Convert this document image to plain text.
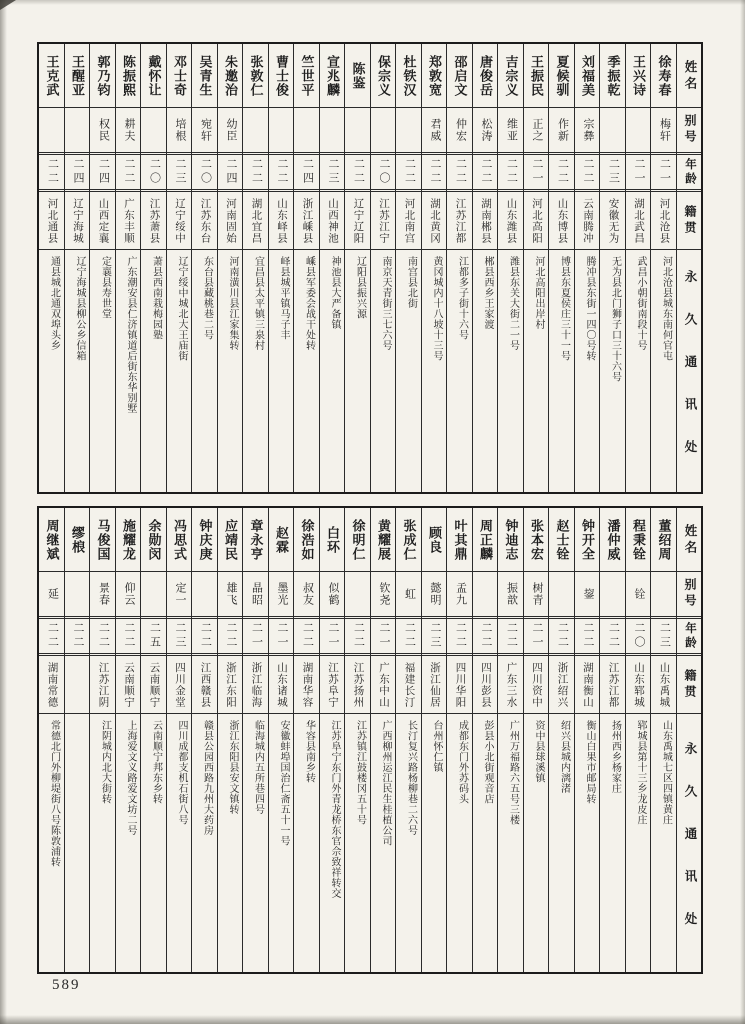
姓名
别号
年龄
籍贯
永久通讯处
徐寿春
梅轩
二一
河北沧县
河北沧县城东南何官屯
王兴诗
二一
湖北武昌
武昌小朝街南段十号
季振乾
二三
安徽无为
无为县北门狮子口三十六号
刘福美
宗彝
二二
云南腾冲
腾冲县东街一四〇号转
夏候驯
作新
二二
山东博县
博县东夏侯庄三十一号
王振民
正之
二一
河北高阳
河北高阳出岸村
吉宗义
维亚
二二
山东潍县
潍县东关大街二一号
唐俊岳
松涛
二二
湖南郴县
郴县西乡王家渡
邵启文
仲宏
二二
江苏江都
江都多子街十六号
郑敦宽
君威
二二
湖北黄冈
黄冈城内十八坡十三号
杜铁汉
二二
河北南宫
南宫县北街
保宗义
二〇
江苏江宁
南京天青街三七六号
陈鉴
二二
辽宁辽阳
辽阳县振兴源
宣兆麟
二三
山西神池
神池县大严备镇
竺世平
二四
浙江嵊县
嵊县军委会战干处转
曹士俊
二二
山东峄县
峄县城平镇马子丰
张敦仁
二二
湖北宜昌
宜昌县太平镇三泉村
朱邀治
幼臣
二四
河南固始
河南潢川县江家集转
吴青生
宛轩
二〇
江苏东台
东台县藏桃巷二号
邓士奇
培根
二三
辽宁绥中
辽宁绥中城北大王庙街
戴怀让
二〇
江苏萧县
萧县西南栽梅园塾
陈振熙
耕夫
二二
广东丰顺
广东潮安县仁济镇道后街东华别墅
郭乃钧
权民
二四
山西定襄
定襄县寿世堂
王醒亚
二四
辽宁海城
辽宁海城县柳公乡信箱
王克武
二二
河北通县
通县城北通双埠头乡
姓名
别号
年龄
籍贯
永久通讯处
董绍周
二三
山东禹城
山东禹城七区四镇黄庄
程秉铨
铨
二〇
山东郓城
郓城县第十三乡龙皮庄
潘仲威
二二
江苏江都
扬州西乡杨家庄
钟开全
鋆
二二
湖南衡山
衡山白果市邮局转
赵士铨
二二
浙江绍兴
绍兴县城内漓渚
张本宏
树青
二一
四川资中
资中县球溪镇
钟迪志
振歆
二二
广东三水
广州万福路六五号三楼
周正麟
二二
四川彭县
彭县小北街观音店
叶其鼎
孟九
二二
四川华阳
成都东门外苏码头
顾良
懿明
二三
浙江仙居
台州怀仁镇
张成仁
虹
二二
福建长汀
长汀复兴路杨柳巷二六号
黄耀展
钦尧
二一
广东中山
广西柳州运江民生桂植公司
徐明仁
二二
江苏扬州
江苏镇江鼓楼冈五十号
白环
似鹤
二一
江苏阜宁
江苏阜宁东门外青龙桥东官佘致祥转交
徐浩如
叔友
二二
湖南华容
华容县南乡转
赵霖
墨光
二一
山东诸城
安徽蚌埠国治仁斋五十一号
章永亨
晶昭
二一
浙江临海
临海城内五所巷四号
应靖民
雄飞
二二
浙江东阳
浙江东阳县安文镇转
钟庆庚
二二
江西赣县
赣县公园西路九州大药房
冯思式
定一
二三
四川金堂
四川成都支机石街八号
余勋闵
二五
云南顺宁
云南顺宁邦东乡转
施耀龙
仰云
二二
云南顺宁
上海爱文义路爱文坊二号
马俊国
景春
二二
江苏江阴
江阴城内北大街转
缪桹
二二
周继斌
延
二二
湖南常德
常德北门外柳堤街八号陈敦浦转
589
